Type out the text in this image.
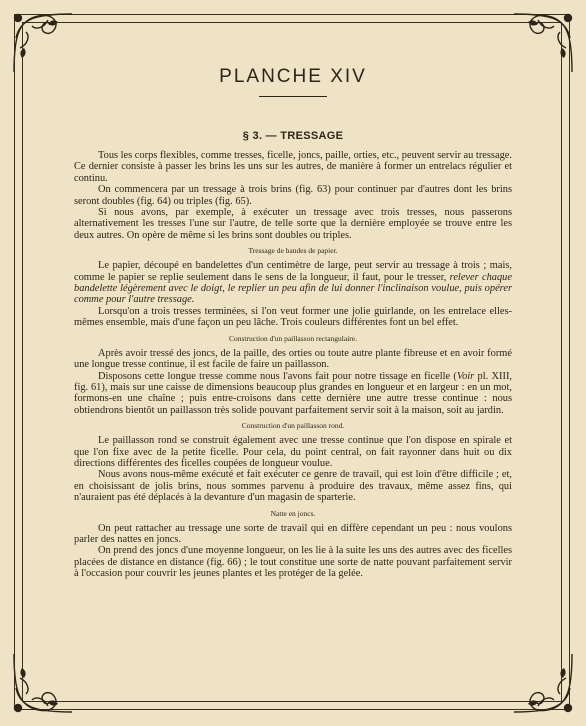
PLANCHE XIV
§ 3. — TRESSAGE

Tous les corps flexibles, comme tresses, ficelle, joncs, paille, orties, etc., peuvent servir au tressage. Ce dernier consiste à passer les brins les uns sur les autres, de manière à former un entrelacs régulier et continu.

On commencera par un tressage à trois brins (fig. 63) pour continuer par d'autres dont les brins seront doubles (fig. 64) ou triples (fig. 65).

Si nous avons, par exemple, à exécuter un tressage avec trois tresses, nous passerons alternativement les tresses l'une sur l'autre, de telle sorte que la dernière employée se trouve entre les deux autres. On opère de même si les brins sont doubles ou triples.

Tressage de bandes de papier.

Le papier, découpé en bandelettes d'un centimètre de large, peut servir au tressage à trois ; mais, comme le papier se replie seulement dans le sens de la longueur, il faut, pour le tresser, relever chaque bandelette légèrement avec le doigt, le replier un peu afin de lui donner l'inclinaison voulue, puis opérer comme pour l'autre tressage.

Lorsqu'on a trois tresses terminées, si l'on veut former une jolie guirlande, on les entrelace elles-mêmes ensemble, mais d'une façon un peu lâche. Trois couleurs différentes font un bel effet.

Construction d'un paillasson rectangulaire.

Après avoir tressé des joncs, de la paille, des orties ou toute autre plante fibreuse et en avoir formé une longue tresse continue, il est facile de faire un paillasson.

Disposons cette longue tresse comme nous l'avons fait pour notre tissage en ficelle (Voir pl. XIII, fig. 61), mais sur une caisse de dimensions beaucoup plus grandes en longueur et en largeur : en un mot, formons-en une chaîne ; puis entre-croisons dans cette dernière une autre tresse continue : nous obtiendrons bientôt un paillasson très solide pouvant parfaitement servir soit à la maison, soit au jardin.

Construction d'un paillasson rond.

Le paillasson rond se construit également avec une tresse continue que l'on dispose en spirale et que l'on fixe avec de la petite ficelle. Pour cela, du point central, on fait rayonner dans huit ou dix directions différentes des ficelles coupées de longueur voulue.

Nous avons nous-même exécuté et fait exécuter ce genre de travail, qui est loin d'être difficile ; et, en choisissant de jolis brins, nous sommes parvenu à produire des travaux, même assez fins, qui n'auraient pas été déplacés à la devanture d'un magasin de sparterie.

Natte en joncs.

On peut rattacher au tressage une sorte de travail qui en diffère cependant un peu : nous voulons parler des nattes en joncs.

On prend des joncs d'une moyenne longueur, on les lie à la suite les uns des autres avec des ficelles placées de distance en distance (fig. 66) ; le tout constitue une sorte de natte pouvant parfaitement servir à l'occasion pour couvrir les jeunes plantes et les protéger de la gelée.
